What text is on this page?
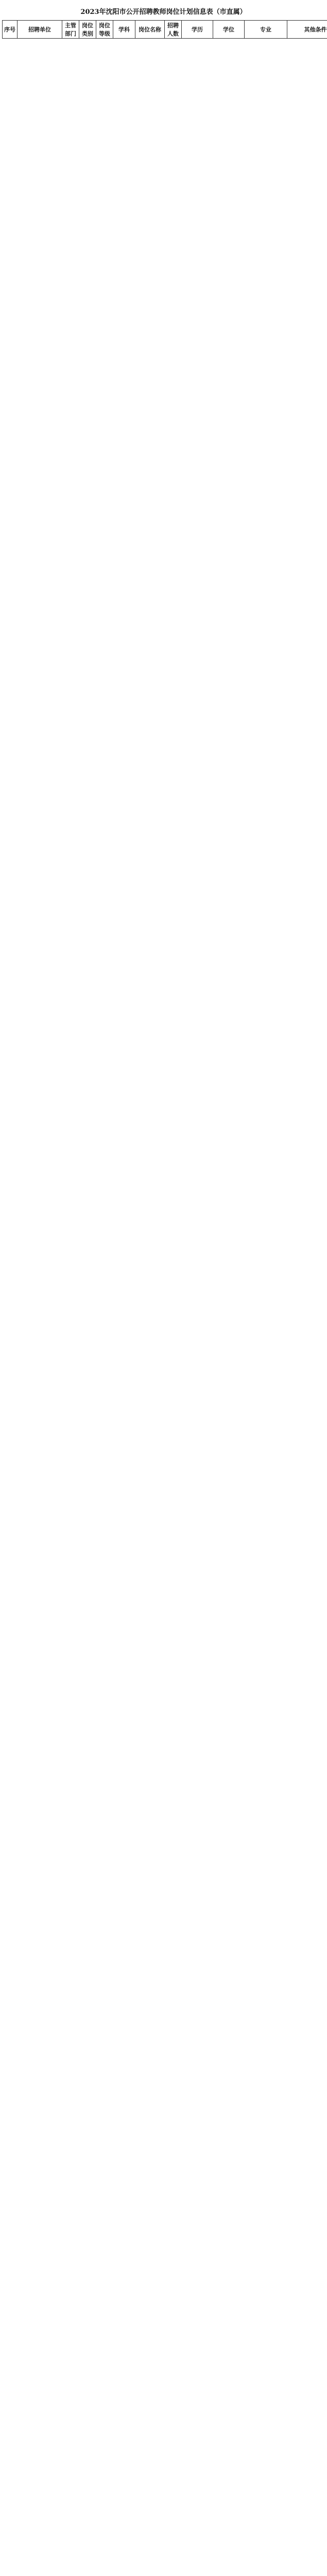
2023年沈阳市公开招聘教师岗位计划信息表（市直属）
序号	招聘单位	主管部门	岗位类别	岗位等级	学科	岗位名称	招聘人数	学历	学位	专业	其他条件
